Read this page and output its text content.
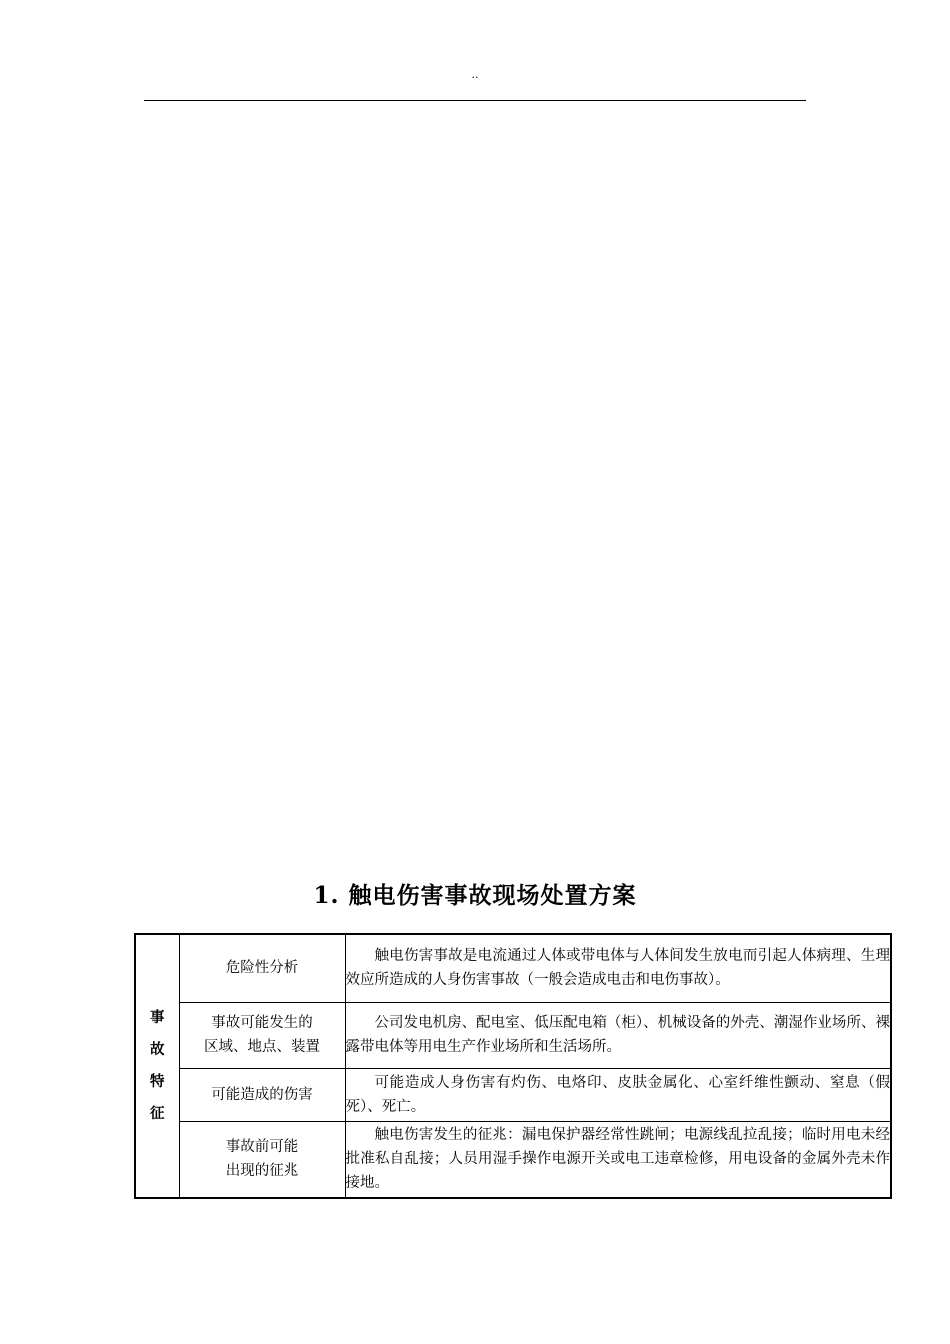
..
1. 触电伤害事故现场处置方案
事
故
特
征	危险性分析	触电伤害事故是电流通过人体或带电体与人体间发生放电而引起人体病理、生理效应所造成的人身伤害事故（一般会造成电击和电伤事故）。

	事故可能发生的
区域、地点、装置	公司发电机房、配电室、低压配电箱（柜）、机械设备的外壳、潮湿作业场所、裸露带电体等用电生产作业场所和生活场所。

	可能造成的伤害	可能造成人身伤害有灼伤、电烙印、皮肤金属化、心室纤维性颤动、窒息（假死）、死亡。

	事故前可能
出现的征兆	触电伤害发生的征兆：漏电保护器经常性跳闸；电源线乱拉乱接；临时用电未经批准私自乱接；人员用湿手操作电源开关或电工违章检修，用电设备的金属外壳未作接地。
